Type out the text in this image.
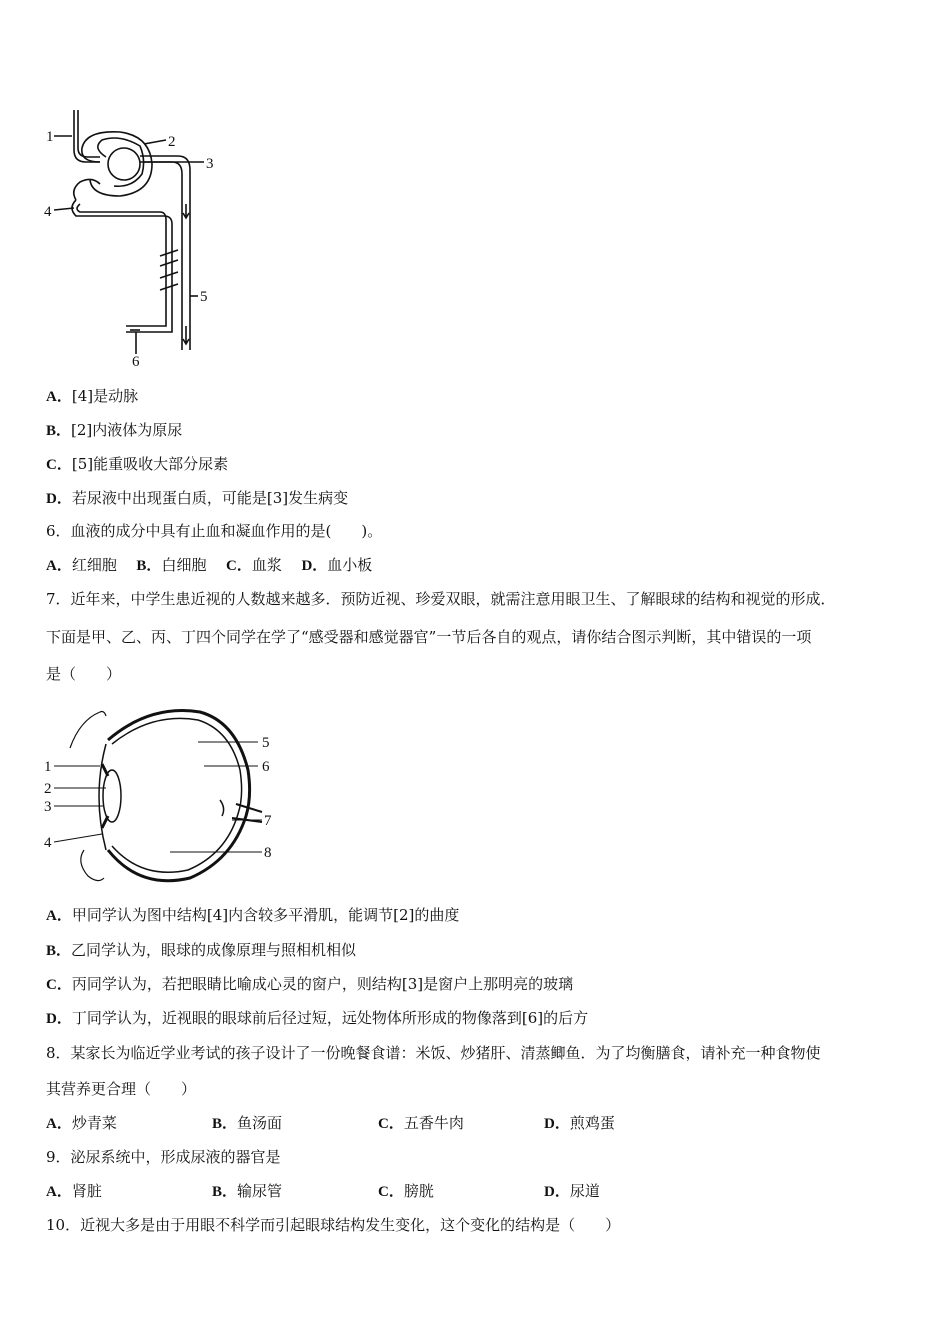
1	2
3
4
5
6
A．[4]是动脉
B．[2]内液体为原尿
C．[5]能重吸收大部分尿素
D．若尿液中出现蛋白质，可能是[3]发生病变
6．血液的成分中具有止血和凝血作用的是(　　)。
A．红细胞 B．白细胞 C．血浆 D．血小板
7．近年来，中学生患近视的人数越来越多．预防近视、珍爱双眼，就需注意用眼卫生、了解眼球的结构和视觉的形成．
下面是甲、乙、丙、丁四个同学在学了“感受器和感觉器官”一节后各自的观点，请你结合图示判断，其中错误的一项
是（　　）
1
2
3
4
5
6
7
8
A．甲同学认为图中结构[4]内含较多平滑肌，能调节[2]的曲度
B．乙同学认为，眼球的成像原理与照相机相似
C．丙同学认为，若把眼睛比喻成心灵的窗户，则结构[3]是窗户上那明亮的玻璃
D．丁同学认为，近视眼的眼球前后径过短，远处物体所形成的物像落到[6]的后方
8．某家长为临近学业考试的孩子设计了一份晚餐食谱：米饭、炒猪肝、清蒸鲫鱼．为了均衡膳食，请补充一种食物使
其营养更合理（　　）
A．炒青菜	B．鱼汤面	C．五香牛肉	D．煎鸡蛋
9．泌尿系统中，形成尿液的器官是
A．肾脏	B．输尿管	C．膀胱	D．尿道
10．近视大多是由于用眼不科学而引起眼球结构发生变化，这个变化的结构是（　　）
